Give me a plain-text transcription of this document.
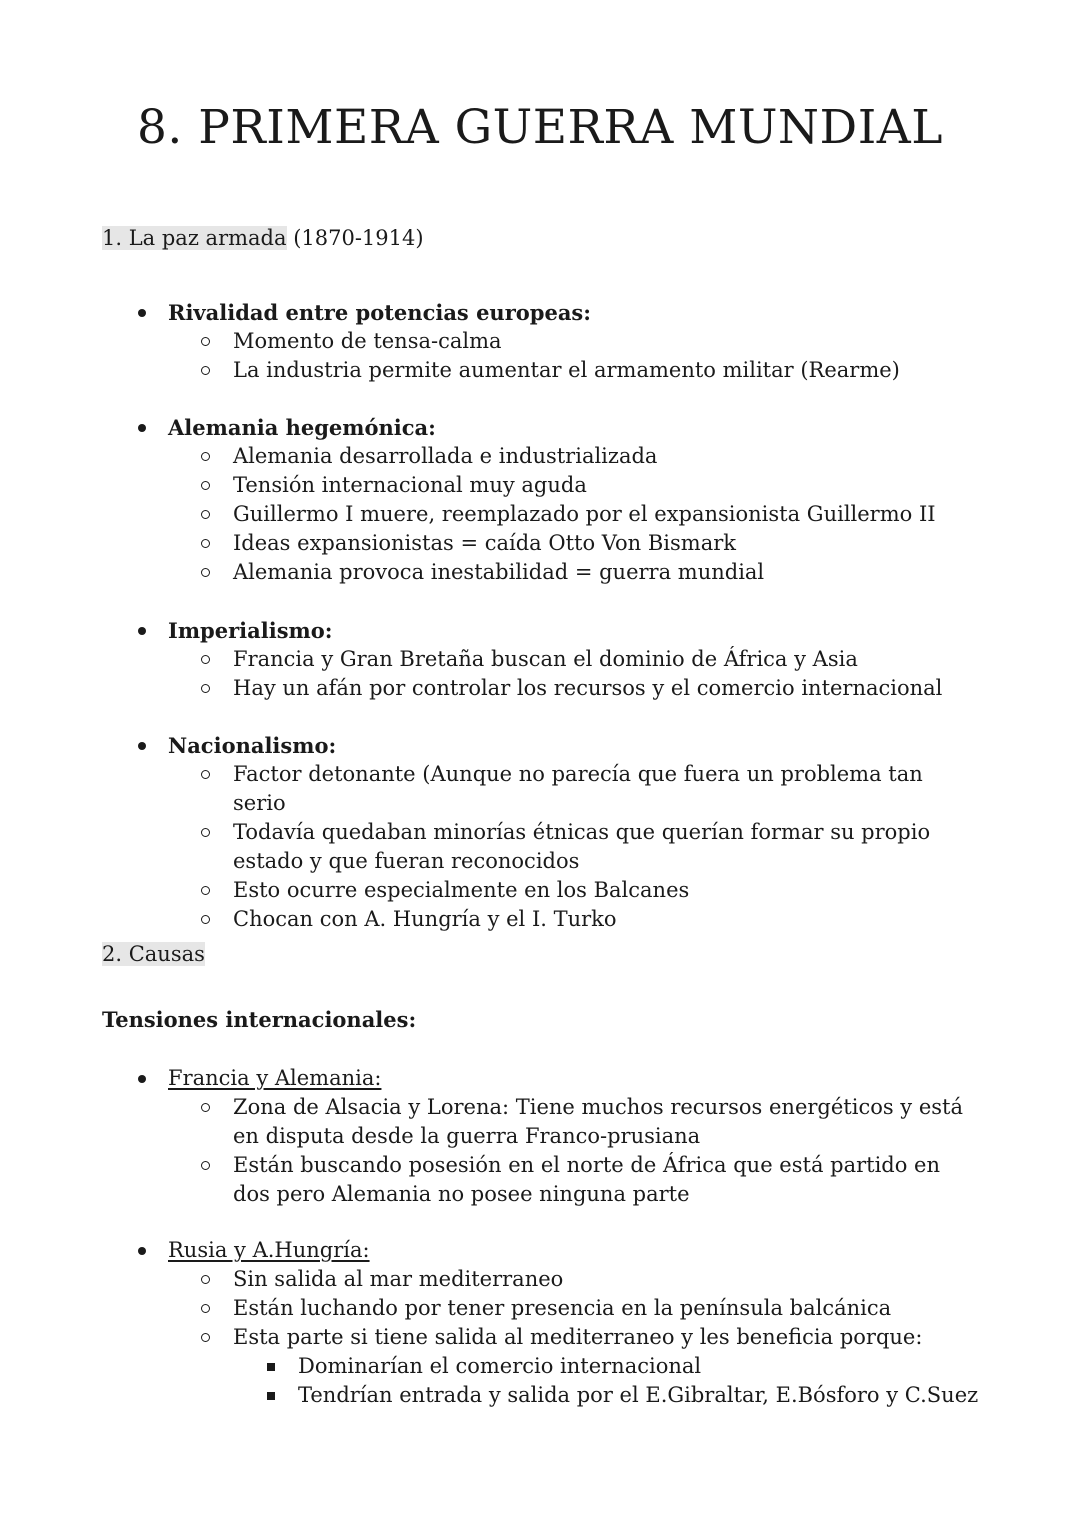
8. PRIMERA GUERRA MUNDIAL

1. La paz armada (1870-1914)

Rivalidad entre potencias europeas:
Momento de tensa-calma
La industria permite aumentar el armamento militar (Rearme)
Alemania hegemónica:
Alemania desarrollada e industrializada
Tensión internacional muy aguda
Guillermo I muere, reemplazado por el expansionista Guillermo II
Ideas expansionistas = caída Otto Von Bismark
Alemania provoca inestabilidad = guerra mundial
Imperialismo:
Francia y Gran Bretaña buscan el dominio de África y Asia
Hay un afán por controlar los recursos y el comercio internacional
Nacionalismo:
Factor detonante (Aunque no parecía que fuera un problema tan serio
Todavía quedaban minorías étnicas que querían formar su propio estado y que fueran reconocidos
Esto ocurre especialmente en los Balcanes
Chocan con A. Hungría y el I. Turko

2. Causas

Tensiones internacionales:

Francia y Alemania:
Zona de Alsacia y Lorena: Tiene muchos recursos energéticos y está en disputa desde la guerra Franco-prusiana
Están buscando posesión en el norte de África que está partido en dos pero Alemania no posee ninguna parte
Rusia y A.Hungría:
Sin salida al mar mediterraneo
Están luchando por tener presencia en la península balcánica
Esta parte si tiene salida al mediterraneo y les beneficia porque:
Dominarían el comercio internacional
Tendrían entrada y salida por el E.Gibraltar, E.Bósforo y C.Suez
